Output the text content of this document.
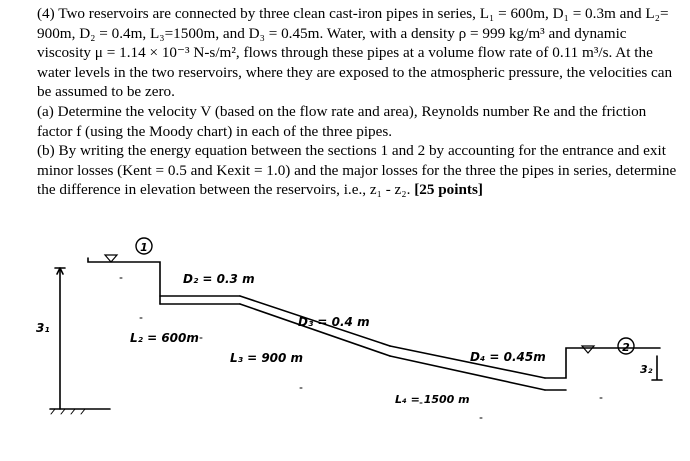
(4) Two reservoirs are connected by three clean cast-iron pipes in series, L₁ = 600m, D₁ = 0.3m and L₂= 900m, D₂ = 0.4m, L₃=1500m, and D₃ = 0.45m. Water, with a density ρ = 999 kg/m³ and dynamic viscosity μ = 1.14 × 10⁻³ N-s/m², flows through these pipes at a volume flow rate of 0.11 m³/s. At the water levels in the two reservoirs, where they are exposed to the atmospheric pressure, the velocities can be assumed to be zero.

(a) Determine the velocity V (based on the flow rate and area), Reynolds number Re and the friction factor f (using the Moody chart) in each of the three pipes.

(b) By writing the energy equation between the sections 1 and 2 by accounting for the entrance and exit minor losses (Kent = 0.5 and Kexit = 1.0) and the major losses for the three the pipes in series, determine the difference in elevation between the reservoirs, i.e., z₁ - z₂. [25 points]

1
2
D₂ = 0.3 m
D₃ = 0.4 m
D₄ = 0.45m
L₂ = 600m
L₃ = 900 m
L₄ = 1500 m
3₁
3₂
